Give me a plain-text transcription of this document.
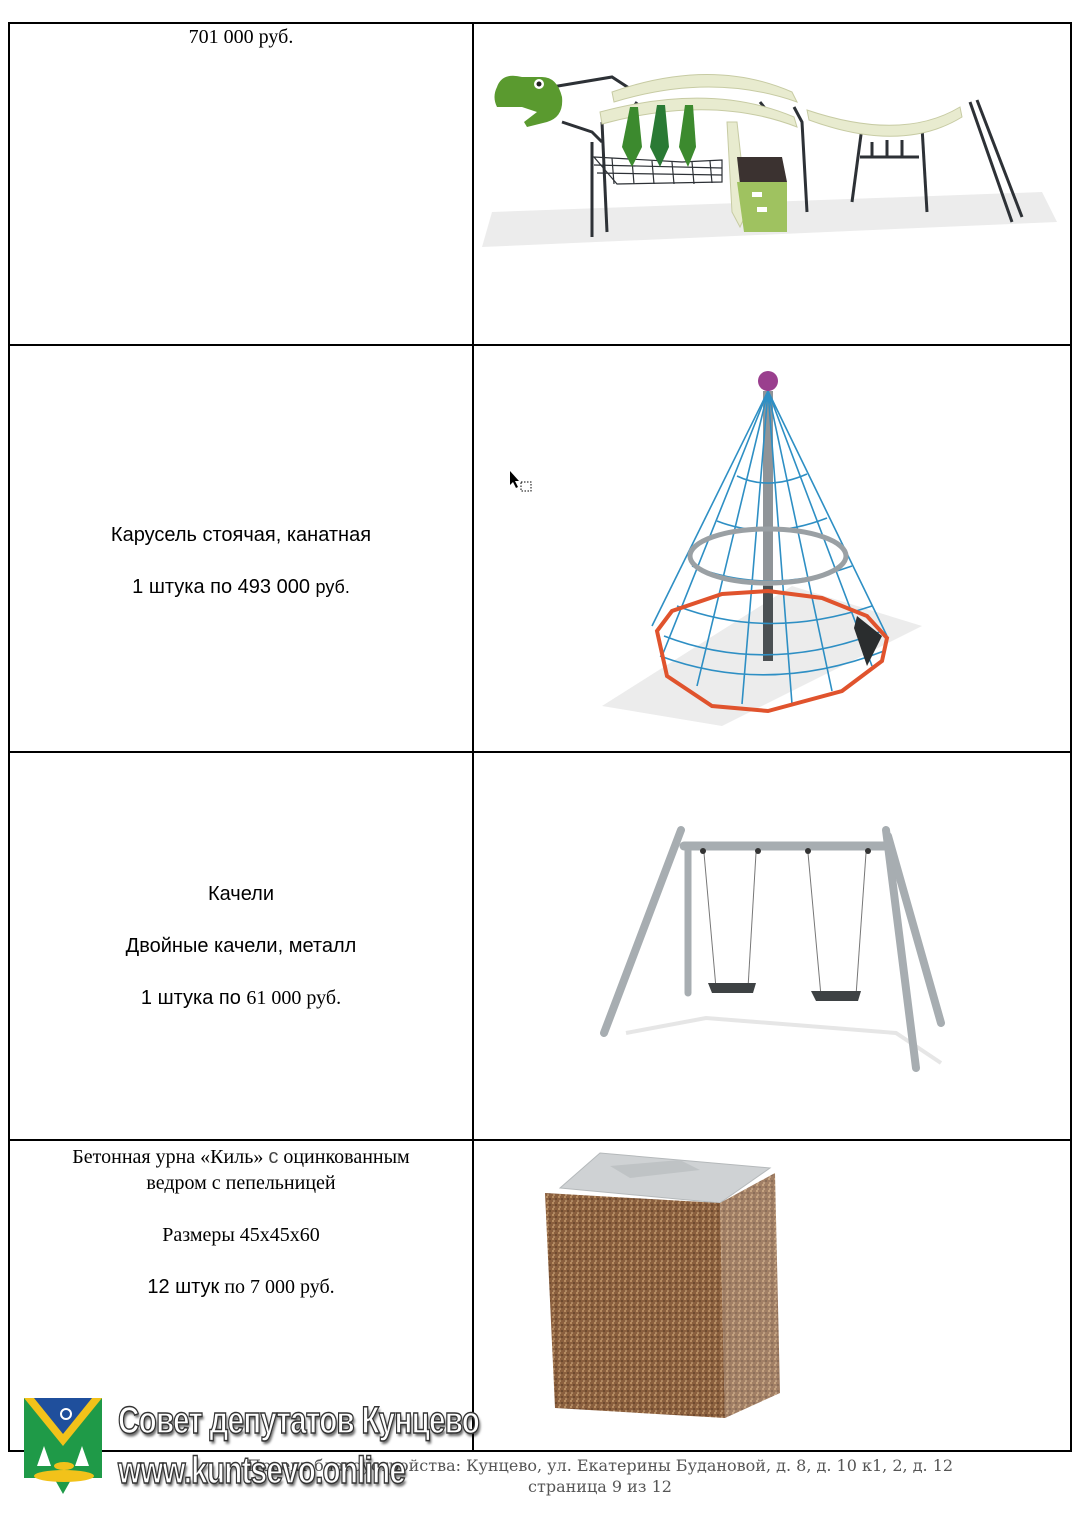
701 000 руб.
Карусель стоячая, канатная
1 штука по 493 000 руб.
Качели
Двойные качели, металл
1 штука по 61 000 руб.
Бетонная урна «Киль» с оцинкованным
ведром с пепельницей
Размеры 45x45x60
12 штук по 7 000 руб.
Проект благоустройства: Кунцево, ул. Екатерины Будановой, д. 8, д. 10 к1, 2, д. 12
страница 9 из 12
Совет депутатов Кунцево
www.kuntsevo.online
